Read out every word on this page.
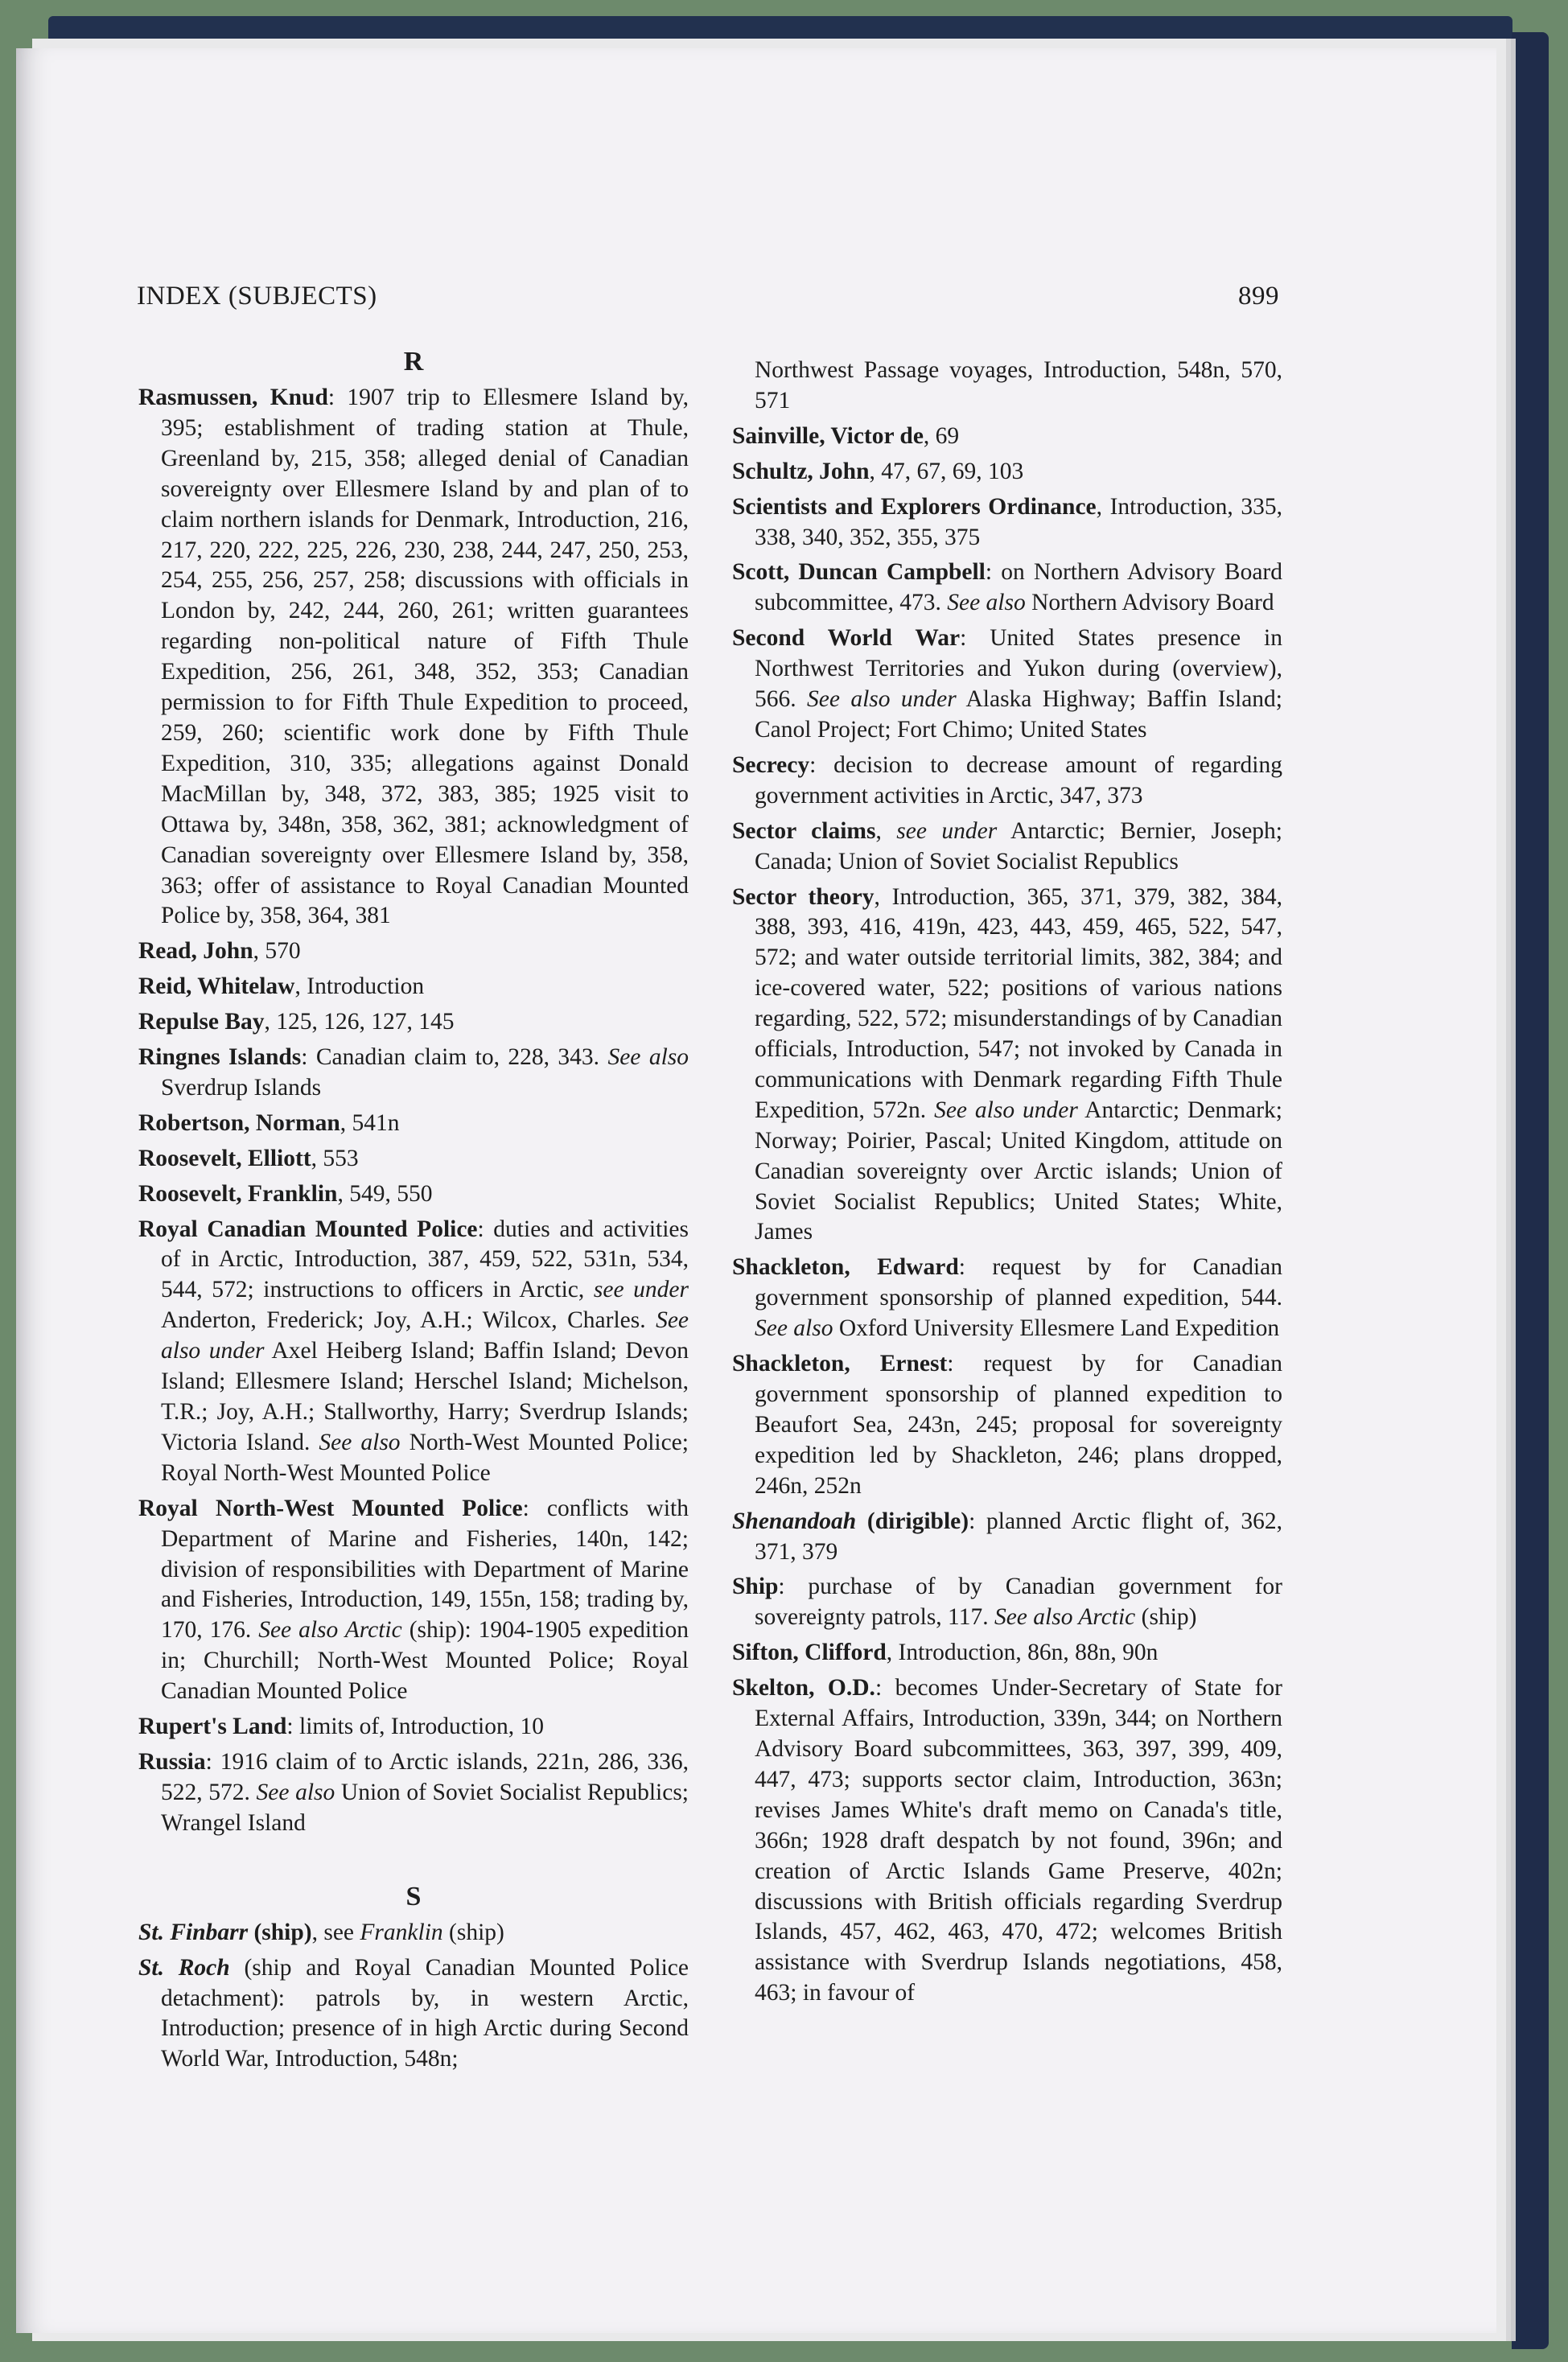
INDEX (SUBJECTS)	899
R
Rasmussen, Knud: 1907 trip to Ellesmere Island by, 395; establishment of trading station at Thule, Greenland by, 215, 358; alleged denial of Canadian sovereignty over Ellesmere Island by and plan of to claim northern islands for Denmark, Introduction, 216, 217, 220, 222, 225, 226, 230, 238, 244, 247, 250, 253, 254, 255, 256, 257, 258; discussions with officials in London by, 242, 244, 260, 261; written guarantees regarding non-political nature of Fifth Thule Expedition, 256, 261, 348, 352, 353; Canadian permission to for Fifth Thule Expedition to proceed, 259, 260; scientific work done by Fifth Thule Expedition, 310, 335; allegations against Donald MacMillan by, 348, 372, 383, 385; 1925 visit to Ottawa by, 348n, 358, 362, 381; acknowledgment of Canadian sovereignty over Ellesmere Island by, 358, 363; offer of assistance to Royal Canadian Mounted Police by, 358, 364, 381
Read, John, 570
Reid, Whitelaw, Introduction
Repulse Bay, 125, 126, 127, 145
Ringnes Islands: Canadian claim to, 228, 343. See also Sverdrup Islands
Robertson, Norman, 541n
Roosevelt, Elliott, 553
Roosevelt, Franklin, 549, 550
Royal Canadian Mounted Police: duties and activities of in Arctic, Introduction, 387, 459, 522, 531n, 534, 544, 572; instructions to officers in Arctic, see under Anderton, Frederick; Joy, A.H.; Wilcox, Charles. See also under Axel Heiberg Island; Baffin Island; Devon Island; Ellesmere Island; Herschel Island; Michelson, T.R.; Joy, A.H.; Stallworthy, Harry; Sverdrup Islands; Victoria Island. See also North-West Mounted Police; Royal North-West Mounted Police
Royal North-West Mounted Police: conflicts with Department of Marine and Fisheries, 140n, 142; division of responsibilities with Department of Marine and Fisheries, Introduction, 149, 155n, 158; trading by, 170, 176. See also Arctic (ship): 1904-1905 expedition in; Churchill; North-West Mounted Police; Royal Canadian Mounted Police
Rupert's Land: limits of, Introduction, 10
Russia: 1916 claim of to Arctic islands, 221n, 286, 336, 522, 572. See also Union of Soviet Socialist Republics; Wrangel Island
S
St. Finbarr (ship), see Franklin (ship)
St. Roch (ship and Royal Canadian Mounted Police detachment): patrols by, in western Arctic, Introduction; presence of in high Arctic during Second World War, Introduction, 548n;
Northwest Passage voyages, Introduction, 548n, 570, 571
Sainville, Victor de, 69
Schultz, John, 47, 67, 69, 103
Scientists and Explorers Ordinance, Introduction, 335, 338, 340, 352, 355, 375
Scott, Duncan Campbell: on Northern Advisory Board subcommittee, 473. See also Northern Advisory Board
Second World War: United States presence in Northwest Territories and Yukon during (overview), 566. See also under Alaska Highway; Baffin Island; Canol Project; Fort Chimo; United States
Secrecy: decision to decrease amount of regarding government activities in Arctic, 347, 373
Sector claims, see under Antarctic; Bernier, Joseph; Canada; Union of Soviet Socialist Republics
Sector theory, Introduction, 365, 371, 379, 382, 384, 388, 393, 416, 419n, 423, 443, 459, 465, 522, 547, 572; and water outside territorial limits, 382, 384; and ice-covered water, 522; positions of various nations regarding, 522, 572; misunderstandings of by Canadian officials, Introduction, 547; not invoked by Canada in communications with Denmark regarding Fifth Thule Expedition, 572n. See also under Antarctic; Denmark; Norway; Poirier, Pascal; United Kingdom, attitude on Canadian sovereignty over Arctic islands; Union of Soviet Socialist Republics; United States; White, James
Shackleton, Edward: request by for Canadian government sponsorship of planned expedition, 544. See also Oxford University Ellesmere Land Expedition
Shackleton, Ernest: request by for Canadian government sponsorship of planned expedition to Beaufort Sea, 243n, 245; proposal for sovereignty expedition led by Shackleton, 246; plans dropped, 246n, 252n
Shenandoah (dirigible): planned Arctic flight of, 362, 371, 379
Ship: purchase of by Canadian government for sovereignty patrols, 117. See also Arctic (ship)
Sifton, Clifford, Introduction, 86n, 88n, 90n
Skelton, O.D.: becomes Under-Secretary of State for External Affairs, Introduction, 339n, 344; on Northern Advisory Board subcommittees, 363, 397, 399, 409, 447, 473; supports sector claim, Introduction, 363n; revises James White's draft memo on Canada's title, 366n; 1928 draft despatch by not found, 396n; and creation of Arctic Islands Game Preserve, 402n; discussions with British officials regarding Sverdrup Islands, 457, 462, 463, 470, 472; welcomes British assistance with Sverdrup Islands negotiations, 458, 463; in favour of
